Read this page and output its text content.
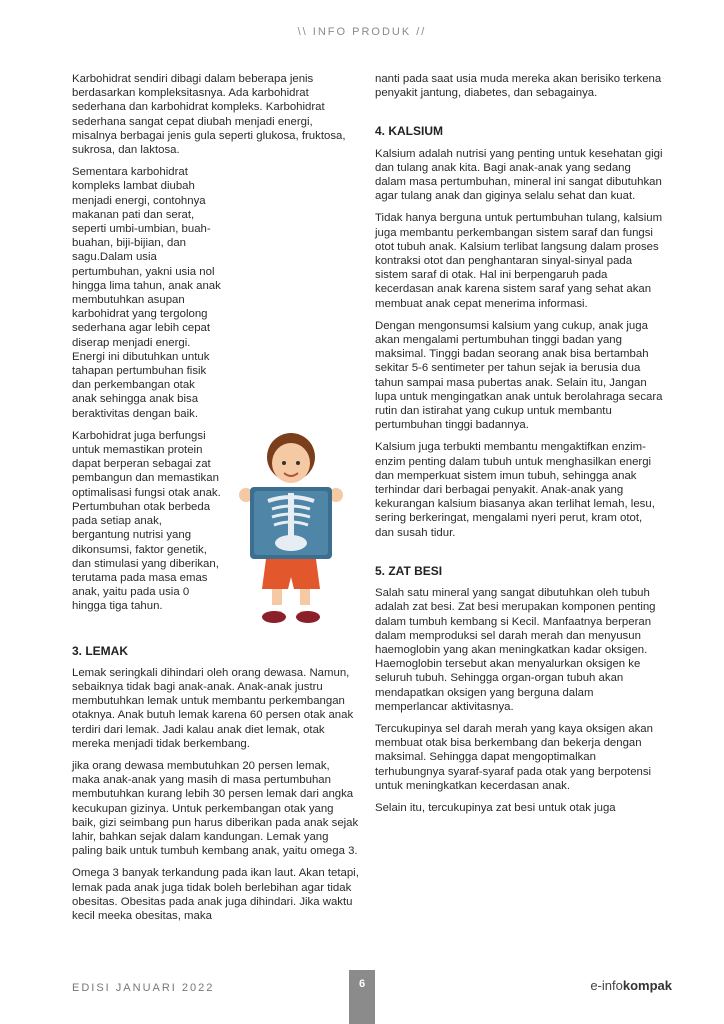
\\ INFO PRODUK //

Karbohidrat sendiri dibagi dalam beberapa jenis berdasarkan kompleksitasnya. Ada karbohidrat sederhana dan karbohidrat kompleks. Karbohidrat sederhana sangat cepat diubah menjadi energi, misalnya berbagai jenis gula seperti glukosa, fruktosa, sukrosa, dan laktosa.

Sementara karbohidrat kompleks lambat diubah menjadi energi, contohnya makanan pati dan serat, seperti umbi-umbian, buah-buahan, biji-bijian, dan sagu.Dalam usia pertumbuhan, yakni usia nol hingga lima tahun, anak anak membutuhkan asupan karbohidrat yang tergolong sederhana agar lebih cepat diserap menjadi energi. Energi ini dibutuhkan untuk tahapan pertumbuhan fisik dan perkembangan otak anak sehingga anak bisa beraktivitas dengan baik.

Karbohidrat juga berfungsi untuk memastikan protein dapat berperan sebagai zat pembangun dan memastikan optimalisasi fungsi otak anak. Pertumbuhan otak berbeda pada setiap anak, bergantung nutrisi yang dikonsumsi, faktor genetik, dan stimulasi yang diberikan, terutama pada masa emas anak, yaitu pada usia 0 hingga tiga tahun.

3. LEMAK

Lemak seringkali dihindari oleh orang dewasa. Namun, sebaiknya tidak bagi anak-anak. Anak-anak justru membutuhkan lemak untuk membantu perkembangan otaknya. Anak butuh lemak karena 60 persen otak anak terdiri dari lemak. Jadi kalau anak diet lemak, otak mereka menjadi tidak berkembang.

jika orang dewasa membutuhkan 20 persen lemak, maka anak-anak yang masih di masa pertumbuhan membutuhkan kurang lebih 30 persen lemak dari angka kecukupan gizinya. Untuk perkembangan otak yang baik, gizi seimbang pun harus diberikan pada anak sejak lahir, bahkan sejak dalam kandungan. Lemak yang paling baik untuk tumbuh kembang anak, yaitu omega 3.

Omega 3 banyak terkandung pada ikan laut. Akan tetapi, lemak pada anak juga tidak boleh berlebihan agar tidak obesitas. Obesitas pada anak juga dihindari. Jika waktu kecil meeka obesitas, maka

nanti pada saat usia muda mereka akan berisiko terkena penyakit jantung, diabetes, dan sebagainya.

4. KALSIUM

Kalsium adalah nutrisi yang penting untuk kesehatan gigi dan tulang anak kita. Bagi anak-anak yang sedang dalam masa pertumbuhan, mineral ini sangat dibutuhkan agar tulang anak dan giginya selalu sehat dan kuat.

Tidak hanya berguna untuk pertumbuhan tulang, kalsium juga membantu perkembangan sistem saraf dan fungsi otot tubuh anak. Kalsium terlibat langsung dalam proses kontraksi otot dan penghantaran sinyal-sinyal pada sistem saraf di otak. Hal ini berpengaruh pada kecerdasan anak karena sistem saraf yang sehat akan membuat anak cepat menerima informasi.

Dengan mengonsumsi kalsium yang cukup, anak juga akan mengalami pertumbuhan tinggi badan yang maksimal. Tinggi badan seorang anak bisa bertambah sekitar 5-6 sentimeter per tahun sejak ia berusia dua tahun sampai masa pubertas anak. Selain itu, Jangan lupa untuk mengingatkan anak untuk berolahraga secara rutin dan istirahat yang cukup untuk membantu pertumbuhan tinggi badannya.

Kalsium juga terbukti membantu mengaktifkan enzim-enzim penting dalam tubuh untuk menghasilkan energi dan memperkuat sistem imun tubuh, sehingga anak terhindar dari berbagai penyakit. Anak-anak yang kekurangan kalsium biasanya akan terlihat lemah, lesu, sering berkeringat, mengalami nyeri perut, kram otot, dan susah tidur.

5. ZAT BESI

Salah satu mineral yang sangat dibutuhkan oleh tubuh adalah zat besi. Zat besi merupakan komponen penting dalam tumbuh kembang si Kecil. Manfaatnya berperan dalam memproduksi sel darah merah dan menyusun haemoglobin yang akan meningkatkan kadar oksigen. Haemoglobin tersebut akan menyalurkan oksigen ke seluruh tubuh. Sehingga organ-organ tubuh akan mendapatkan oksigen yang berguna dalam memperlancar aktivitasnya.

Tercukupinya sel darah merah yang kaya oksigen akan membuat otak bisa berkembang dan bekerja dengan maksimal. Sehingga dapat mengoptimalkan terhubungnya syaraf-syaraf pada otak yang berpotensi untuk meningkatkan kecerdasan anak.

Selain itu, tercukupinya zat besi untuk otak juga

EDISI JANUARI 2022	6	e-infokompak
